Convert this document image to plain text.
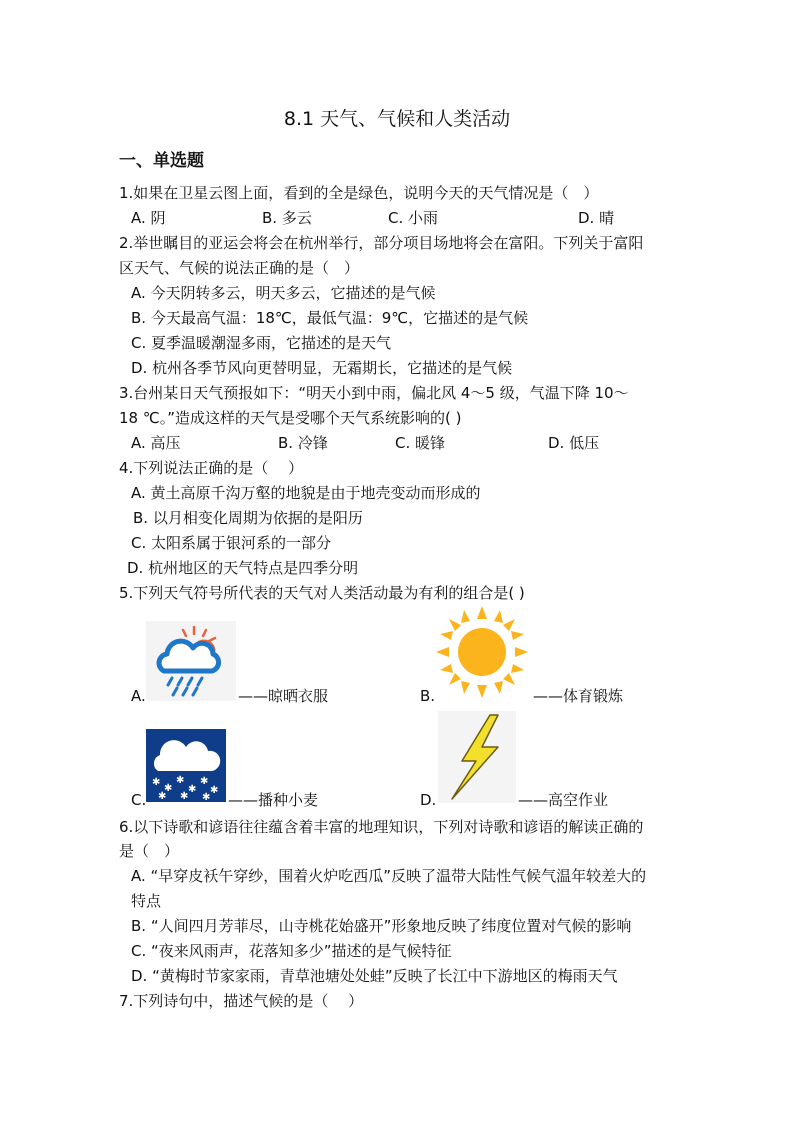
8.1 天气、气候和人类活动
一、单选题
1.如果在卫星云图上面，看到的全是绿色，说明今天的天气情况是（　）
A. 阴	B. 多云	C. 小雨	D. 晴
2.举世瞩目的亚运会将会在杭州举行，部分项目场地将会在富阳。下列关于富阳
区天气、气候的说法正确的是（　）
A. 今天阴转多云，明天多云，它描述的是气候
B. 今天最高气温：18℃，最低气温：9℃，它描述的是气候
C. 夏季温暖潮湿多雨，它描述的是天气
D. 杭州各季节风向更替明显，无霜期长，它描述的是气候
3.台州某日天气预报如下：“明天小到中雨，偏北风 4～5 级，气温下降 10～
18 ℃。”造成这样的天气是受哪个天气系统影响的( )
A. 高压	B. 冷锋	C. 暖锋	D. 低压
4.下列说法正确的是（　 ）
A. 黄土高原千沟万壑的地貌是由于地壳变动而形成的
B. 以月相变化周期为依据的是阳历
C. 太阳系属于银河系的一部分
D. 杭州地区的天气特点是四季分明
5.下列天气符号所代表的天气对人类活动最为有利的组合是( )
A.	——晾晒衣服	B.	——体育锻炼
C.
✱
✱
✱
✱
✱
✱
✱ ✱ ✱ ——播种小麦	D.	——高空作业
6.以下诗歌和谚语往往蕴含着丰富的地理知识，下列对诗歌和谚语的解读正确的
是（　）
A. “早穿皮袄午穿纱，围着火炉吃西瓜”反映了温带大陆性气候气温年较差大的
特点
B. “人间四月芳菲尽，山寺桃花始盛开”形象地反映了纬度位置对气候的影响
C. “夜来风雨声，花落知多少”描述的是气候特征
D. “黄梅时节家家雨，青草池塘处处蛙”反映了长江中下游地区的梅雨天气
7.下列诗句中，描述气候的是（　 ）
